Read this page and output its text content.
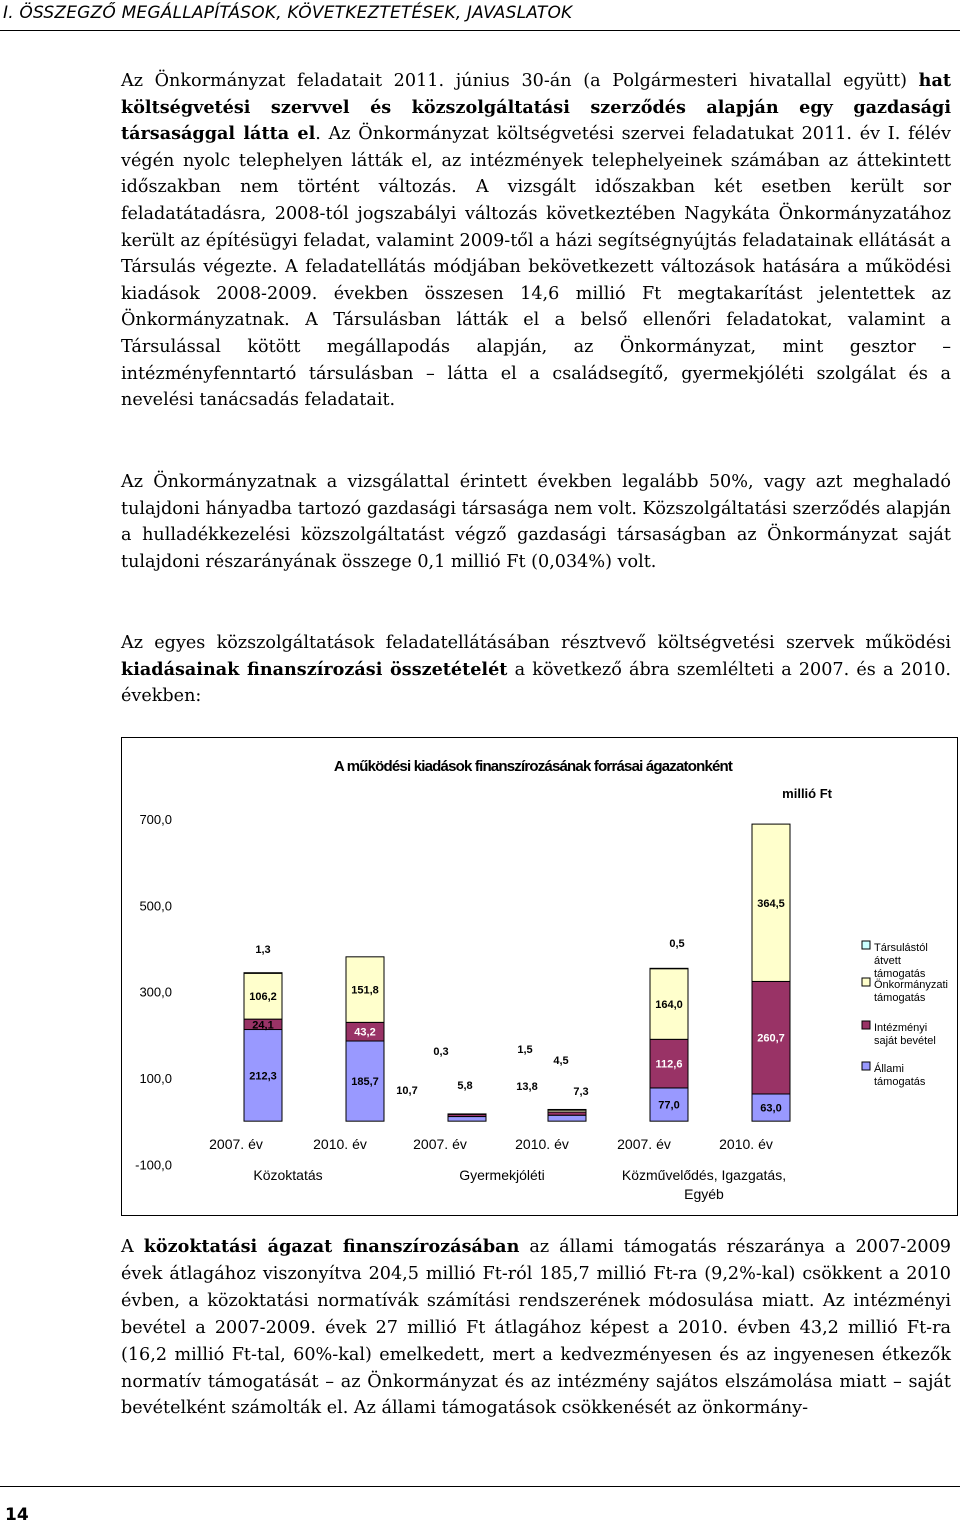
I. ÖSSZEGZŐ MEGÁLLAPÍTÁSOK, KÖVETKEZTETÉSEK, JAVASLATOK

Az Önkormányzat feladatait 2011. június 30-án (a Polgármesteri hivatallal együtt) hat költségvetési szervvel és közszolgáltatási szerződés alapján egy gazdasági társasággal látta el. Az Önkormányzat költségvetési szervei feladatukat 2011. év I. félév végén nyolc telephelyen látták el, az intézmények telephelyeinek számában az áttekintett időszakban nem történt változás. A vizsgált időszakban két esetben került sor feladatátadásra, 2008-tól jogszabályi változás következtében Nagykáta Önkormányzatához került az építésügyi feladat, valamint 2009-től a házi segítségnyújtás feladatainak ellátását a Társulás végezte. A feladatellátás módjában bekövetkezett változások hatására a működési kiadások 2008-2009. években összesen 14,6 millió Ft megtakarítást jelentettek az Önkormányzatnak. A Társulásban látták el a belső ellenőri feladatokat, valamint a Társulással kötött megállapodás alapján, az Önkormányzat, mint gesztor – intézményfenntartó társulásban – látta el a családsegítő, gyermekjóléti szolgálat és a nevelési tanácsadás feladatait.

Az Önkormányzatnak a vizsgálattal érintett években legalább 50%, vagy azt meghaladó tulajdoni hányadba tartozó gazdasági társasága nem volt. Közszolgáltatási szerződés alapján a hulladékkezelési közszolgáltatást végző gazdasági társaságban az Önkormányzat saját tulajdoni részarányának összege 0,1 millió Ft (0,034%) volt.

Az egyes közszolgáltatások feladatellátásában résztvevő költségvetési szervek működési kiadásainak finanszírozási összetételét a következő ábra szemlélteti a 2007. és a 2010. években:

A működési kiadások finanszírozásának forrásai ágazatonként
millió Ft
700,0
500,0
300,0
100,0
-100,0
212,3
24,1
106,2
1,3
185,7
43,2
151,8
10,7	5,8
0,3
13,8	7,3
4,5
1,5
77,0
112,6
164,0
0,5
63,0
260,7
364,5
Társulástól átvett támogatás
Önkormányzati támogatás
Intézményi saját bevétel
Állami támogatás
2007. év	2010. év	2007. év	2010. év	2007. év	2010. év
Közoktatás	Gyermekjóléti	Közművelődés, Igazgatás,
Egyéb

A közoktatási ágazat finanszírozásában az állami támogatás részaránya a 2007-2009 évek átlagához viszonyítva 204,5 millió Ft-ról 185,7 millió Ft-ra (9,2%-kal) csökkent a 2010 évben, a közoktatási normatívák számítási rendszerének módosulása miatt. Az intézményi bevétel a 2007-2009. évek 27 millió Ft átlagához képest a 2010. évben 43,2 millió Ft-ra (16,2 millió Ft-tal, 60%-kal) emelkedett, mert a kedvezményesen és az ingyenesen étkezők normatív támogatását – az Önkormányzat és az intézmény sajátos elszámolása miatt – saját bevételként számolták el. Az állami támogatások csökkenését az önkormány-

14
